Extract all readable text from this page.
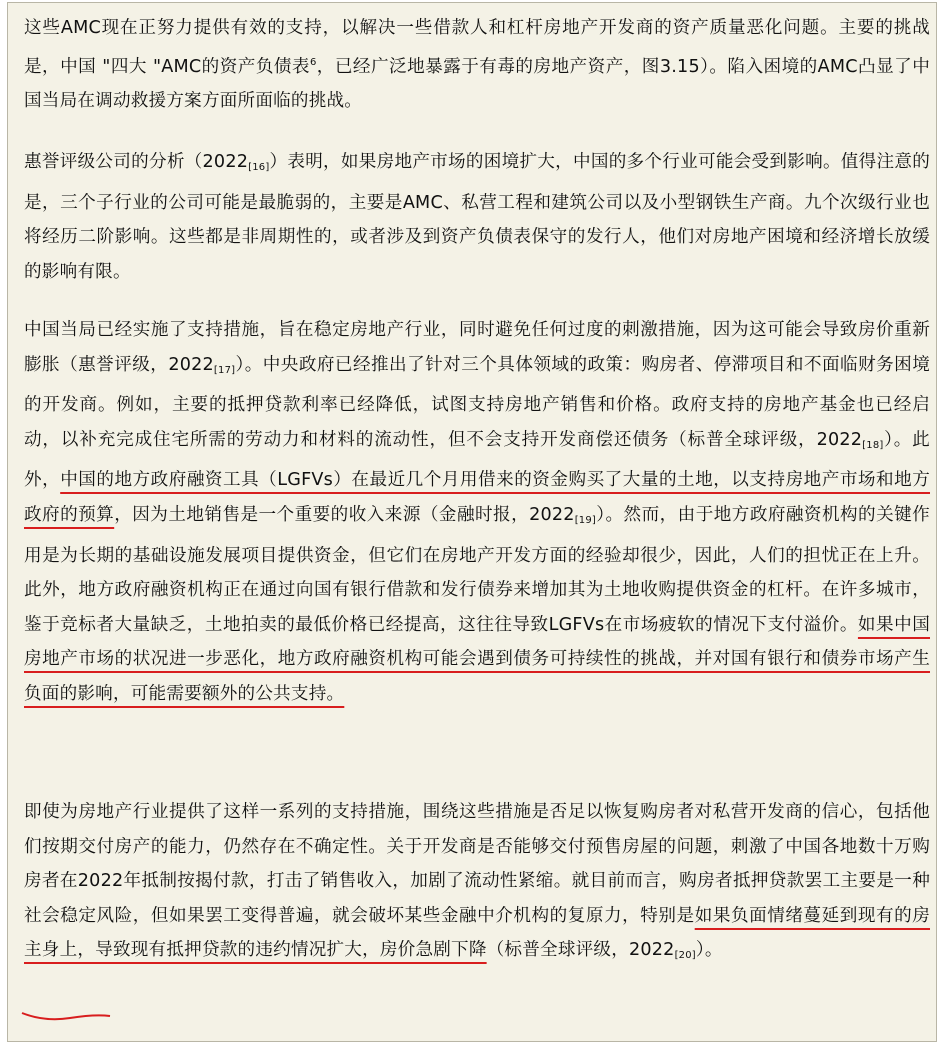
这些AMC现在正努力提供有效的支持，以解决一些借款人和杠杆房地产开发商的资产质量恶化问题。主要的挑战是，中国 "四大 "AMC的资产负债表$^6$，已经广泛地暴露于有毒的房地产资产，图3.15）。陷入困境的AMC凸显了中国当局在调动救援方案方面所面临的挑战。

惠誉评级公司的分析$(2022_{[16]})$表明，如果房地产市场的困境扩大，中国的多个行业可能会受到影响。值得注意的是，三个子行业的公司可能是最脆弱的，主要是AMC、私营工程和建筑公司以及小型钢铁生产商。九个次级行业也将经历二阶影响。这些都是非周期性的，或者涉及到资产负债表保守的发行人，他们对房地产困境和经济增长放缓的影响有限。

中国当局已经实施了支持措施，旨在稳定房地产行业，同时避免任何过度的刺激措施，因为这可能会导致房价重新膨胀（惠誉评级，$2022_{[17]}$）。中央政府已经推出了针对三个具体领域的政策：购房者、停滞项目和不面临财务困境的开发商。例如，主要的抵押贷款利率已经降低，试图支持房地产销售和价格。政府支持的房地产基金也已经启动，以补充完成住宅所需的劳动力和材料的流动性，但不会支持开发商偿还债务（标普全球评级，$2022_{[18]}$）。此外，中国的地方政府融资工具（LGFVs）在最近几个月用借来的资金购买了大量的土地，以支持房地产市场和地方政府的预算，因为土地销售是一个重要的收入来源（金融时报，$2022_{[19]}$）。然而，由于地方政府融资机构的关键作用是为长期的基础设施发展项目提供资金，但它们在房地产开发方面的经验却很少，因此，人们的担忧正在上升。此外，地方政府融资机构正在通过向国有银行借款和发行债券来增加其为土地收购提供资金的杠杆。在许多城市，鉴于竞标者大量缺乏，土地拍卖的最低价格已经提高，这往往导致LGFVs在市场疲软的情况下支付溢价。如果中国房地产市场的状况进一步恶化，地方政府融资机构可能会遇到债务可持续性的挑战，并对国有银行和债券市场产生负面的影响，可能需要额外的公共支持。

即使为房地产行业提供了这样一系列的支持措施，围绕这些措施是否足以恢复购房者对私营开发商的信心，包括他们按期交付房产的能力，仍然存在不确定性。关于开发商是否能够交付预售房屋的问题，刺激了中国各地数十万购房者在2022年抵制按揭付款，打击了销售收入，加剧了流动性紧缩。就目前而言，购房者抵押贷款罢工主要是一种社会稳定风险，但如果罢工变得普遍，就会破坏某些金融中介机构的复原力，特别是如果负面情绪蔓延到现有的房主身上，导致现有抵押贷款的违约情况扩大，房价急剧下降（标普全球评级，$2022_{[20]}$）。
